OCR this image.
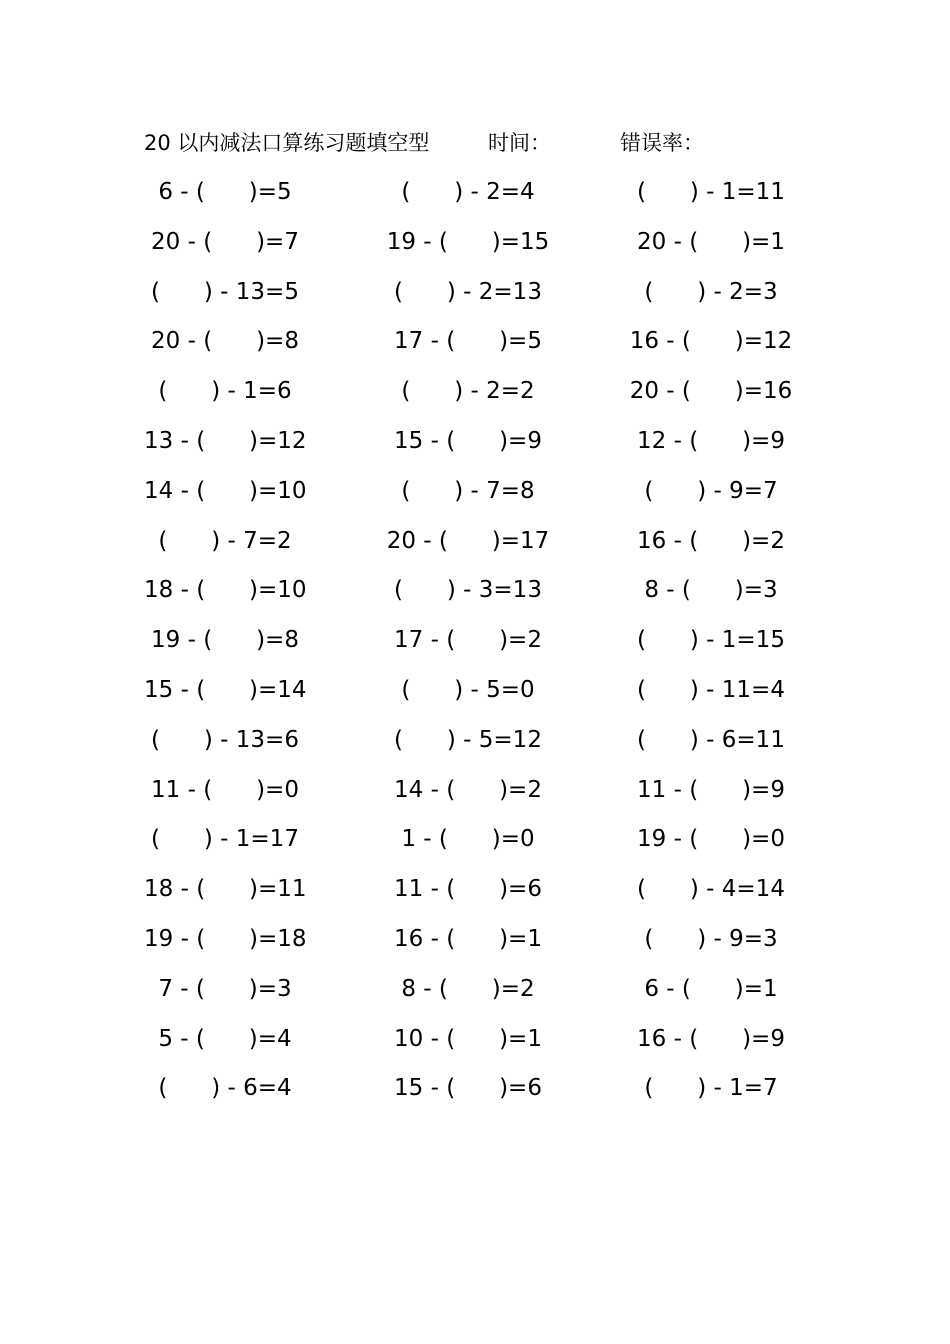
20 以内减法口算练习题填空型	时间：	错误率：
6 - (      )=5	(      ) - 2=4	(      ) - 1=11
20 - (      )=7	19 - (      )=15	20 - (      )=1
(      ) - 13=5	(      ) - 2=13	(      ) - 2=3
20 - (      )=8	17 - (      )=5	16 - (      )=12
(      ) - 1=6	(      ) - 2=2	20 - (      )=16
13 - (      )=12	15 - (      )=9	12 - (      )=9
14 - (      )=10	(      ) - 7=8	(      ) - 9=7
(      ) - 7=2	20 - (      )=17	16 - (      )=2
18 - (      )=10	(      ) - 3=13	8 - (      )=3
19 - (      )=8	17 - (      )=2	(      ) - 1=15
15 - (      )=14	(      ) - 5=0	(      ) - 11=4
(      ) - 13=6	(      ) - 5=12	(      ) - 6=11
11 - (      )=0	14 - (      )=2	11 - (      )=9
(      ) - 1=17	1 - (      )=0	19 - (      )=0
18 - (      )=11	11 - (      )=6	(      ) - 4=14
19 - (      )=18	16 - (      )=1	(      ) - 9=3
7 - (      )=3	8 - (      )=2	6 - (      )=1
5 - (      )=4	10 - (      )=1	16 - (      )=9
(      ) - 6=4	15 - (      )=6	(      ) - 1=7
